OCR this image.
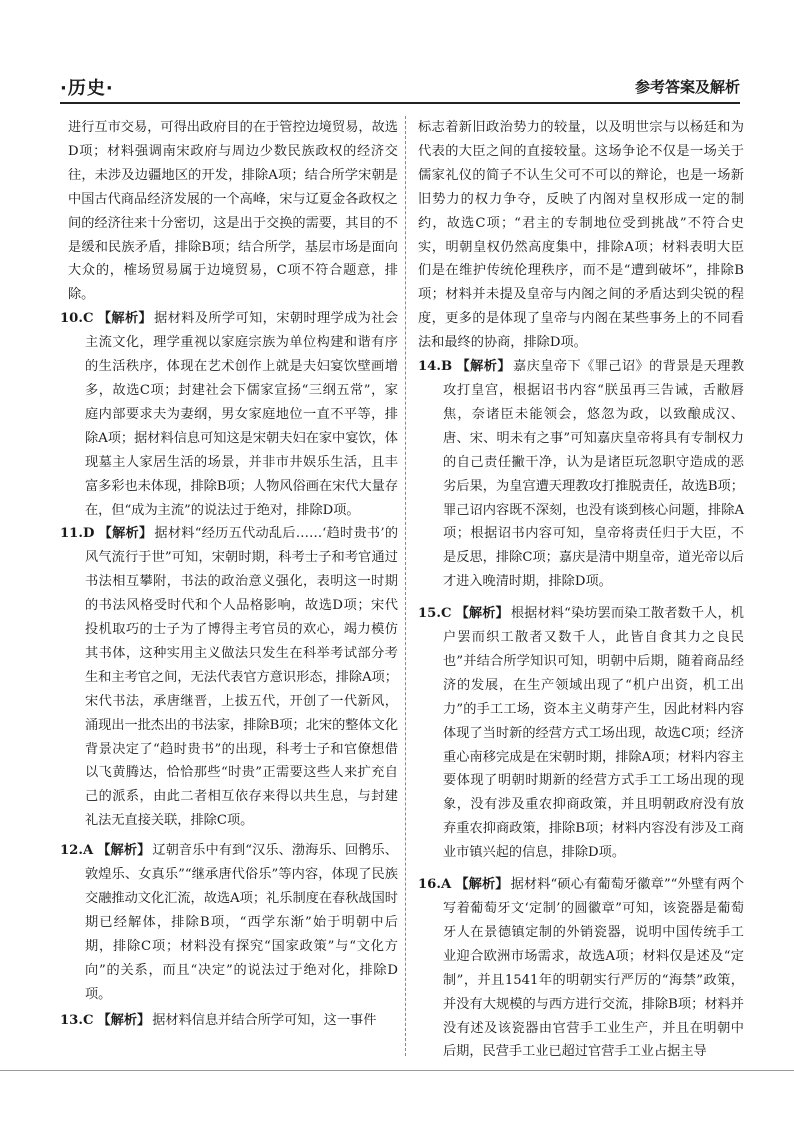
·历史·	参考答案及解析

进行互市交易，可得出政府目的在于管控边境贸易，故选D项；材料强调南宋政府与周边少数民族政权的经济交往，未涉及边疆地区的开发，排除A项；结合所学宋朝是中国古代商品经济发展的一个高峰，宋与辽夏金各政权之间的经济往来十分密切，这是出于交换的需要，其目的不是缓和民族矛盾，排除B项；结合所学，基层市场是面向大众的，榷场贸易属于边境贸易，C项不符合题意，排除。

10.C 【解析】 据材料及所学可知，宋朝时理学成为社会主流文化，理学重视以家庭宗族为单位构建和谐有序的生活秩序，体现在艺术创作上就是夫妇宴饮壁画增多，故选C项；封建社会下儒家宣扬“三纲五常”，家庭内部要求夫为妻纲，男女家庭地位一直不平等，排除A项；据材料信息可知这是宋朝夫妇在家中宴饮，体现墓主人家居生活的场景，并非市井娱乐生活，且丰富多彩也未体现，排除B项；人物风俗画在宋代大量存在，但“成为主流”的说法过于绝对，排除D项。

11.D 【解析】 据材料“经历五代动乱后……‘趋时贵书’的风气流行于世”可知，宋朝时期，科考士子和考官通过书法相互攀附，书法的政治意义强化，表明这一时期的书法风格受时代和个人品格影响，故选D项；宋代投机取巧的士子为了博得主考官员的欢心，竭力模仿其书体，这种实用主义做法只发生在科举考试部分考生和主考官之间，无法代表官方意识形态，排除A项；宋代书法，承唐继晋，上拔五代，开创了一代新风，涌现出一批杰出的书法家，排除B项；北宋的整体文化背景决定了“趋时贵书”的出现，科考士子和官僚想借以飞黄腾达，恰恰那些“时贵”正需要这些人来扩充自己的派系，由此二者相互依存来得以共生息，与封建礼法无直接关联，排除C项。

12.A 【解析】 辽朝音乐中有到“汉乐、渤海乐、回鹘乐、敦煌乐、女真乐”“继承唐代俗乐”等内容，体现了民族交融推动文化汇流，故选A项；礼乐制度在春秋战国时期已经解体，排除B项，“西学东渐”始于明朝中后期，排除C项；材料没有探究“国家政策”与“文化方向”的关系，而且“决定”的说法过于绝对化，排除D项。

13.C 【解析】 据材料信息并结合所学可知，这一事件

标志着新旧政治势力的较量，以及明世宗与以杨廷和为代表的大臣之间的直接较量。这场争论不仅是一场关于儒家礼仪的简子不认生父可不可以的辩论，也是一场新旧势力的权力争夺，反映了内阁对皇权形成一定的制约，故选C项；“君主的专制地位受到挑战”不符合史实，明朝皇权仍然高度集中，排除A项；材料表明大臣们是在维护传统伦理秩序，而不是“遭到破坏”，排除B项；材料并未提及皇帝与内阁之间的矛盾达到尖锐的程度，更多的是体现了皇帝与内阁在某些事务上的不同看法和最终的协商，排除D项。

14.B 【解析】 嘉庆皇帝下《罪己诏》的背景是天理教攻打皇宫，根据诏书内容“朕虽再三告诫，舌敝唇焦，奈诸臣未能领会，悠忽为政，以致酿成汉、唐、宋、明未有之事”可知嘉庆皇帝将具有专制权力的自己责任撇干净，认为是诸臣玩忽职守造成的恶劣后果，为皇宫遭天理教攻打推脱责任，故选B项；罪己诏内容既不深刻，也没有谈到核心问题，排除A项；根据诏书内容可知，皇帝将责任归于大臣，不是反思，排除C项；嘉庆是清中期皇帝，道光帝以后才进入晚清时期，排除D项。

15.C 【解析】 根据材料“染坊罢而染工散者数千人，机户罢而织工散者又数千人，此皆自食其力之良民也”并结合所学知识可知，明朝中后期，随着商品经济的发展，在生产领域出现了“机户出资，机工出力”的手工工场，资本主义萌芽产生，因此材料内容体现了当时新的经营方式工场出现，故选C项；经济重心南移完成是在宋朝时期，排除A项；材料内容主要体现了明朝时期新的经营方式手工工场出现的现象，没有涉及重农抑商政策，并且明朝政府没有放弃重农抑商政策，排除B项；材料内容没有涉及工商业市镇兴起的信息，排除D项。

16.A 【解析】 据材料“硕心有葡萄牙徽章”“外壁有两个写着葡萄牙文‘定制’的圆徽章”可知，该瓷器是葡萄牙人在景德镇定制的外销瓷器，说明中国传统手工业迎合欧洲市场需求，故选A项；材料仅是述及“定制”，并且1541年的明朝实行严厉的“海禁”政策，并没有大规模的与西方进行交流，排除B项；材料并没有述及该瓷器由官营手工业生产，并且在明朝中后期，民营手工业已超过官营手工业占据主导
